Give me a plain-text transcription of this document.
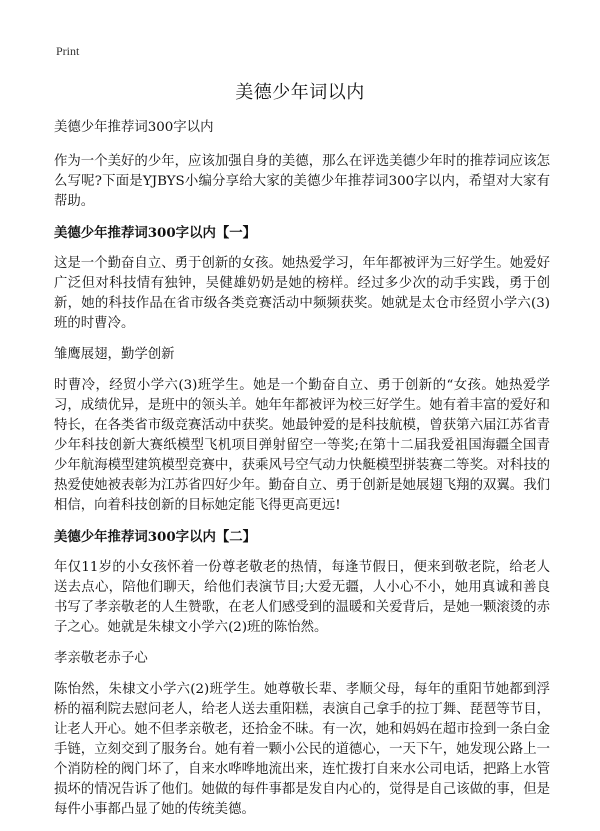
Print
美德少年词以内

美德少年推荐词300字以内

作为一个美好的少年，应该加强自身的美德，那么在评选美德少年时的推荐词应该怎么写呢?下面是YJBYS小编分享给大家的美德少年推荐词300字以内，希望对大家有帮助。

美德少年推荐词300字以内【一】

这是一个勤奋自立、勇于创新的女孩。她热爱学习，年年都被评为三好学生。她爱好广泛但对科技情有独钟，吴健雄奶奶是她的榜样。经过多少次的动手实践，勇于创新，她的科技作品在省市级各类竞赛活动中频频获奖。她就是太仓市经贸小学六(3)班的时曹冷。

雏鹰展翅，勤学创新

时曹冷，经贸小学六(3)班学生。她是一个勤奋自立、勇于创新的“女孩。她热爱学习，成绩优异，是班中的领头羊。她年年都被评为校三好学生。她有着丰富的爱好和特长，在各类省市级竞赛活动中获奖。她最钟爱的是科技航模，曾获第六届江苏省青少年科技创新大赛纸模型飞机项目弹射留空一等奖;在第十二届我爱祖国海疆全国青少年航海模型建筑模型竞赛中，获乘风号空气动力快艇模型拼装赛二等奖。对科技的热爱使她被表彰为江苏省四好少年。勤奋自立、勇于创新是她展翅飞翔的双翼。我们相信，向着科技创新的目标她定能飞得更高更远!

美德少年推荐词300字以内【二】

年仅11岁的小女孩怀着一份尊老敬老的热情，每逢节假日，便来到敬老院，给老人送去点心，陪他们聊天，给他们表演节目;大爱无疆，人小心不小，她用真诚和善良书写了孝亲敬老的人生赞歌，在老人们感受到的温暖和关爱背后，是她一颗滚烫的赤子之心。她就是朱棣文小学六(2)班的陈怡然。

孝亲敬老赤子心

陈怡然，朱棣文小学六(2)班学生。她尊敬长辈、孝顺父母，每年的重阳节她都到浮桥的福利院去慰问老人，给老人送去重阳糕，表演自己拿手的拉丁舞、琵琶等节目，让老人开心。她不但孝亲敬老，还拾金不昧。有一次，她和妈妈在超市捡到一条白金手链，立刻交到了服务台。她有着一颗小公民的道德心，一天下午，她发现公路上一个消防栓的阀门坏了，自来水哗哗地流出来，连忙拨打自来水公司电话，把路上水管损坏的情况告诉了他们。她做的每件事都是发自内心的，觉得是自己该做的事，但是每件小事都凸显了她的传统美德。
